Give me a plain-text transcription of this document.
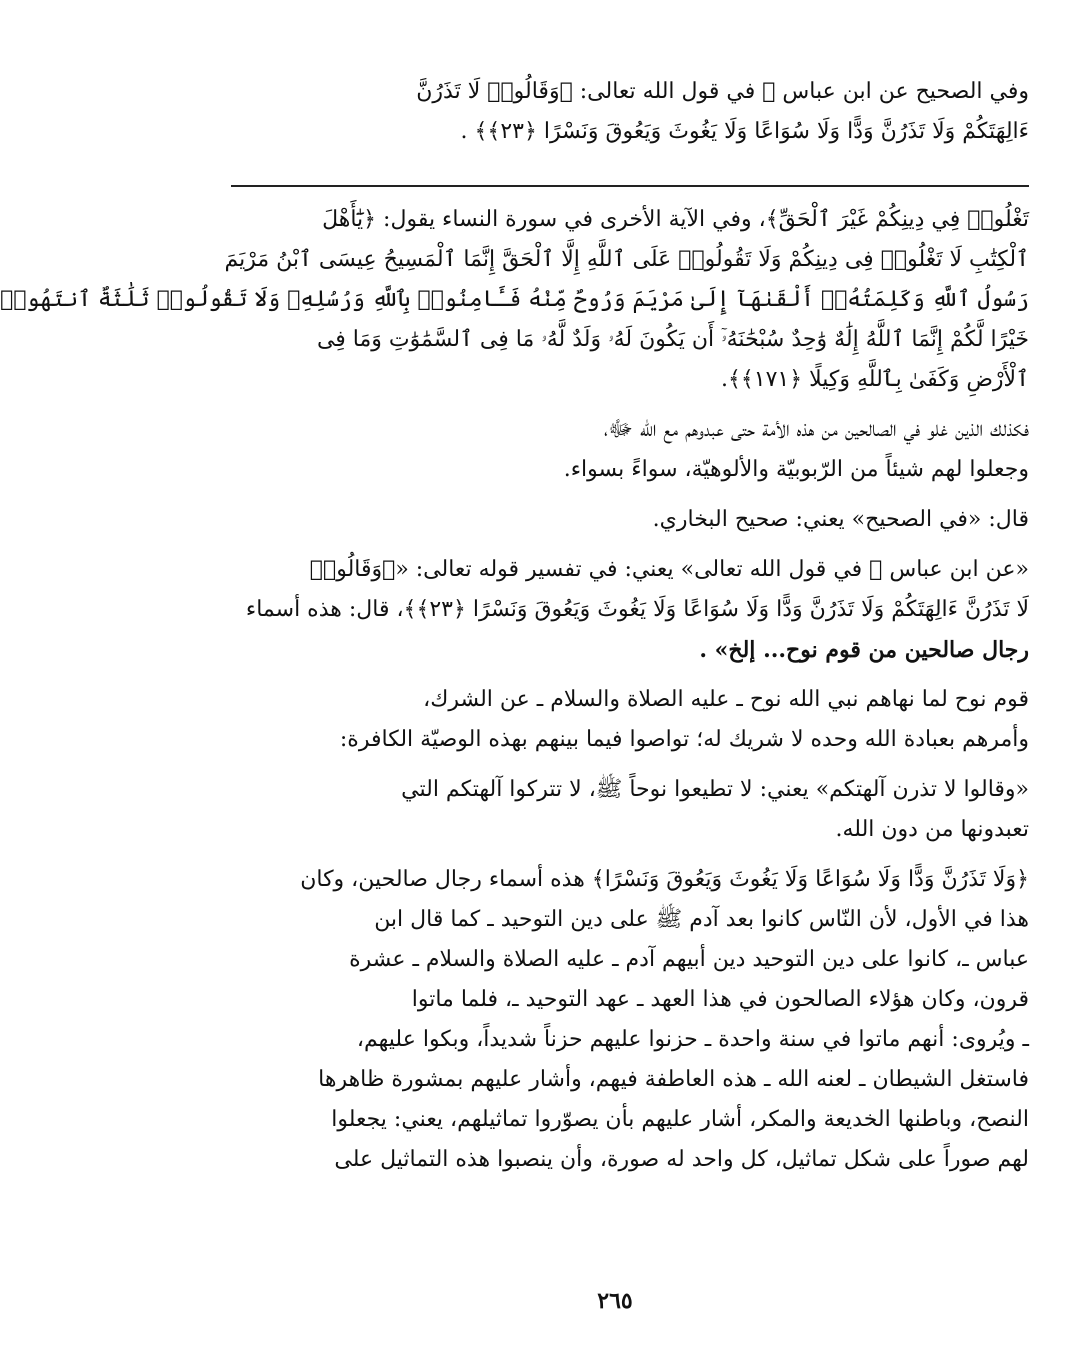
وفي الصحيح عن ابن عباس ﷺ في قول الله تعالى: ﴿وَقَالُوا۟ لَا تَذَرُنَّ
ءَالِهَتَكُمْ وَلَا تَذَرُنَّ وَدًّا وَلَا سُوَاعًا وَلَا يَغُوثَ وَيَعُوقَ وَنَسْرًا ﴿٢٣﴾﴾ .
تَغْلُوا۟ فِي دِينِكُمْ غَيْرَ ٱلْحَقِّ﴾، وفي الآية الأخرى في سورة النساء يقول: ﴿يَٰٓأَهْلَ
ٱلْكِتَٰبِ لَا تَغْلُوا۟ فِى دِينِكُمْ وَلَا تَقُولُوا۟ عَلَى ٱللَّهِ إِلَّا ٱلْحَقَّ إِنَّمَا ٱلْمَسِيحُ عِيسَى ٱبْنُ مَرْيَمَ
رَسُولُ ٱللَّهِ وَكَلِمَتُهُۥٓ أَلْقَىٰهَآ إِلَىٰ مَرْيَمَ وَرُوحٌ مِّنْهُ فَـَٔامِنُوا۟ بِٱللَّهِ وَرُسُلِهِۦ وَلَا تَقُولُوا۟ ثَلَٰثَةٌ ٱنتَهُوا۟
خَيْرًا لَّكُمْ إِنَّمَا ٱللَّهُ إِلَٰهٌ وَٰحِدٌ سُبْحَٰنَهُۥٓ أَن يَكُونَ لَهُۥ وَلَدٌ لَّهُۥ مَا فِى ٱلسَّمَٰوَٰتِ وَمَا فِى
ٱلْأَرْضِ وَكَفَىٰ بِٱللَّهِ وَكِيلًا ﴿١٧١﴾﴾.
فكذلك الذين غلو في الصالحين من هذه الأمة حتى عبدوهم مع الله ﷻ،
وجعلوا لهم شيئاً من الرّبوبيّة والألوهيّة، سواءً بسواء.
قال: «في الصحيح» يعني: صحيح البخاري.
«عن ابن عباس ﷺ في قول الله تعالى» يعني: في تفسير قوله تعالى: «﴿وَقَالُوا۟
لَا تَذَرُنَّ ءَالِهَتَكُمْ وَلَا تَذَرُنَّ وَدًّا وَلَا سُوَاعًا وَلَا يَغُوثَ وَيَعُوقَ وَنَسْرًا ﴿٢٣﴾﴾، قال: هذه أسماء
رجال صالحين من قوم نوح... إلخ» .
قوم نوح لما نهاهم نبي الله نوح ـ عليه الصلاة والسلام ـ عن الشرك،
وأمرهم بعبادة الله وحده لا شريك له؛ تواصوا فيما بينهم بهذه الوصيّة الكافرة:
«وقالوا لا تذرن آلهتكم» يعني: لا تطيعوا نوحاً ﷺ، لا تتركوا آلهتكم التي
تعبدونها من دون الله.
﴿وَلَا تَذَرُنَّ وَدًّا وَلَا سُوَاعًا وَلَا يَغُوثَ وَيَعُوقَ وَنَسْرًا﴾ هذه أسماء رجال صالحين، وكان
هذا في الأول، لأن النّاس كانوا بعد آدم ﷺ على دين التوحيد ـ كما قال ابن
عباس ـ، كانوا على دين التوحيد دين أبيهم آدم ـ عليه الصلاة والسلام ـ عشرة
قرون، وكان هؤلاء الصالحون في هذا العهد ـ عهد التوحيد ـ، فلما ماتوا
ـ ويُروى: أنهم ماتوا في سنة واحدة ـ حزنوا عليهم حزناً شديداً، وبكوا عليهم،
فاستغل الشيطان ـ لعنه الله ـ هذه العاطفة فيهم، وأشار عليهم بمشورة ظاهرها
النصح، وباطنها الخديعة والمكر، أشار عليهم بأن يصوّروا تماثيلهم، يعني: يجعلوا
لهم صوراً على شكل تماثيل، كل واحد له صورة، وأن ينصبوا هذه التماثيل على
٢٦٥
